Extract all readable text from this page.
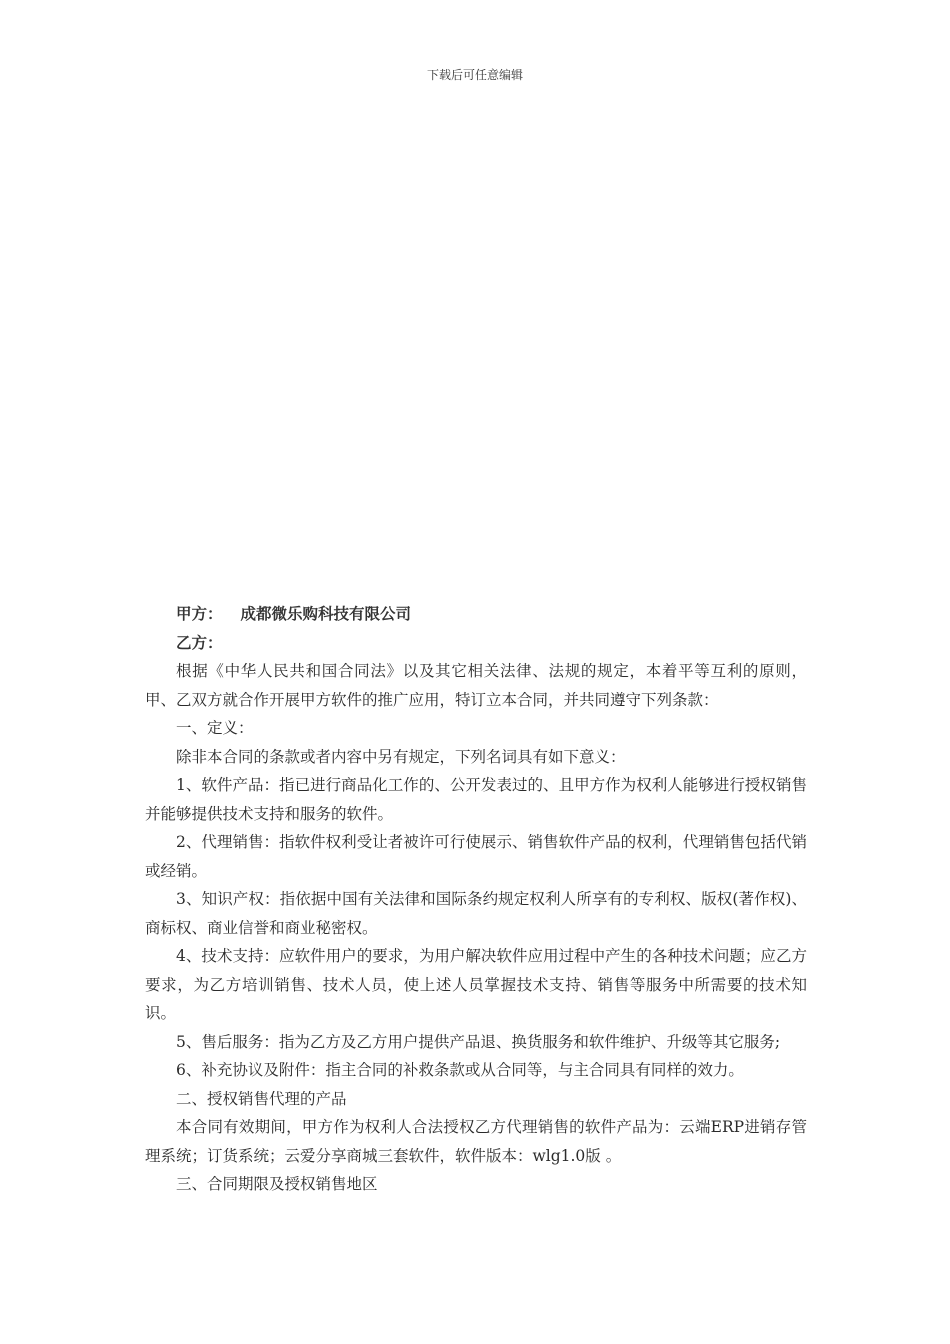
下载后可任意编辑

甲方： 成都微乐购科技有限公司

乙方：

根据《中华人民共和国合同法》以及其它相关法律、法规的规定，本着平等互利的原则，甲、乙双方就合作开展甲方软件的推广应用，特订立本合同，并共同遵守下列条款：

一、定义：

除非本合同的条款或者内容中另有规定，下列名词具有如下意义：

1、软件产品：指已进行商品化工作的、公开发表过的、且甲方作为权利人能够进行授权销售并能够提供技术支持和服务的软件。

2、代理销售：指软件权利受让者被许可行使展示、销售软件产品的权利，代理销售包括代销或经销。

3、知识产权：指依据中国有关法律和国际条约规定权利人所享有的专利权、版权(著作权)、商标权、商业信誉和商业秘密权。

4、技术支持：应软件用户的要求，为用户解决软件应用过程中产生的各种技术问题；应乙方要求，为乙方培训销售、技术人员，使上述人员掌握技术支持、销售等服务中所需要的技术知识。

5、售后服务：指为乙方及乙方用户提供产品退、换货服务和软件维护、升级等其它服务;

6、补充协议及附件：指主合同的补救条款或从合同等，与主合同具有同样的效力。

二、授权销售代理的产品

本合同有效期间，甲方作为权利人合法授权乙方代理销售的软件产品为：云端ERP进销存管理系统；订货系统；云爱分享商城三套软件，软件版本：wlg1.0版 。

三、合同期限及授权销售地区
